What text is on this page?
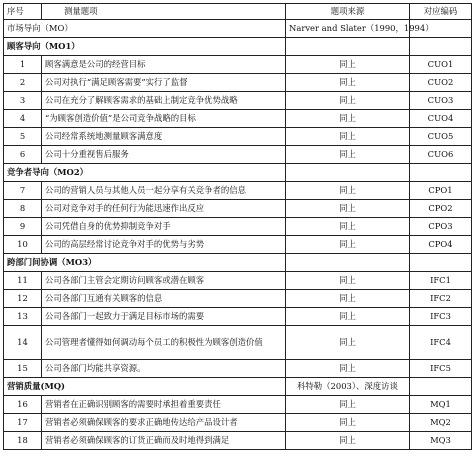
序号	测量题项	题项来源	对应编码
市场导向（MO）		Narver and Slater（1990，1994）	
顾客导向（MO1）			
1	顾客满意是公司的经营目标	同上	CUO1
2	公司对执行“满足顾客需要”实行了监督	同上	CUO2
3	公司在充分了解顾客需求的基础上制定竞争优势战略	同上	CUO3
4	“为顾客创造价值”是公司竞争战略的目标	同上	CUO4
5	公司经常系统地测量顾客满意度	同上	CUO5
6	公司十分重视售后服务	同上	CUO6
竞争者导向（MO2）			
7	公司的营销人员与其他人员一起分享有关竞争者的信息	同上	CPO1
8	公司对竞争对手的任何行为能迅速作出反应	同上	CPO2
9	公司凭借自身的优势抑制竞争对手	同上	CPO3
10	公司的高层经常讨论竞争对手的优势与劣势	同上	CPO4
跨部门间协调（MO3）			
11	公司各部门主管会定期访问顾客或潜在顾客	同上	IFC1
12	公司各部门互通有关顾客的信息	同上	IFC2
13	公司各部门一起致力于满足目标市场的需要	同上	IFC3
14	公司管理者懂得如何调动每个员工的积极性为顾客创造价值	同上	IFC4
15	公司各部门均能共享资源。	同上	IFC5
营销质量(MQ)		科特勒（2003）、深度访谈	
16	营销者在正确识别顾客的需要时承担着重要责任	同上	MQ1
17	营销者必须确保顾客的要求正确地传达给产品设计者	同上	MQ2
18	营销者必须确保顾客的订货正确而及时地得到满足	同上	MQ3
